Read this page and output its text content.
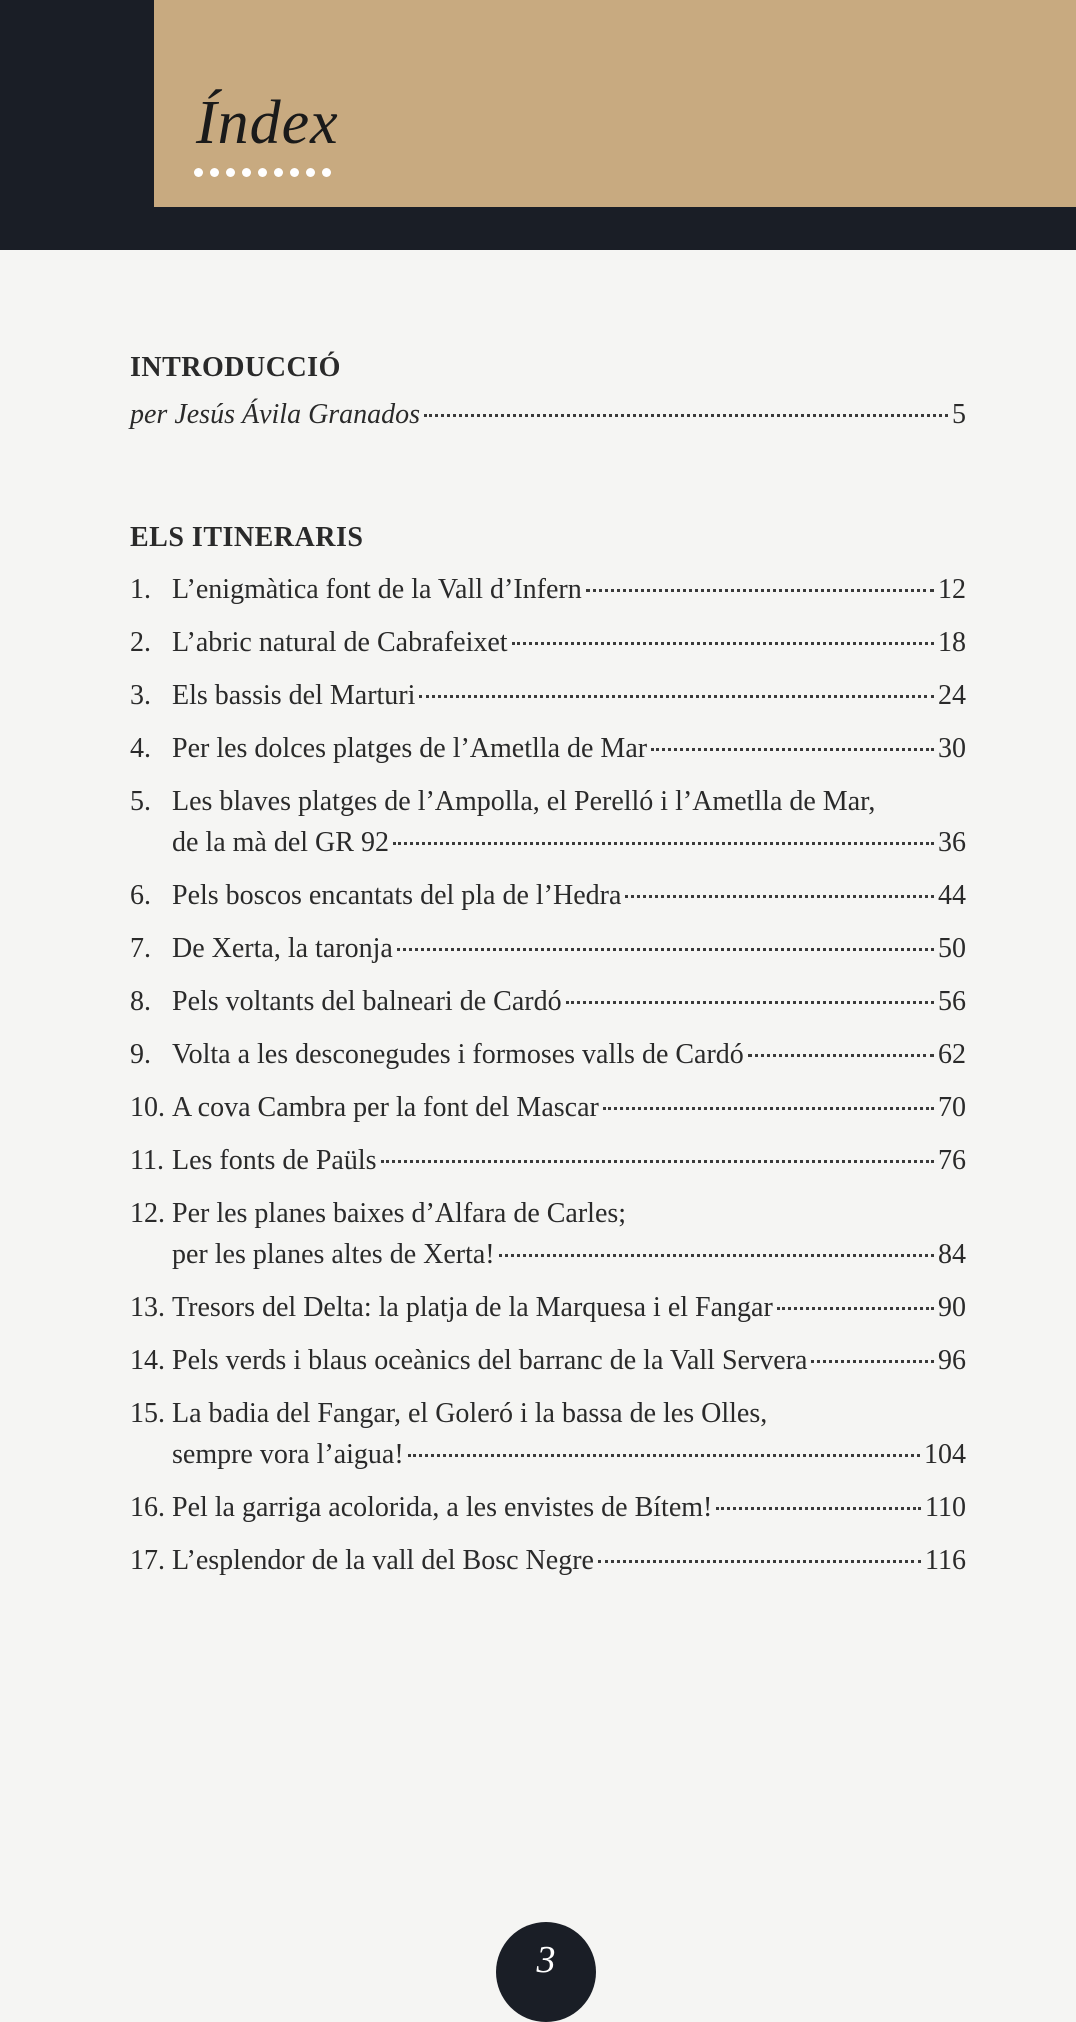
Índex
INTRODUCCIÓ
per Jesús Ávila Granados	5
ELS ITINERARIS
1. L’enigmàtica font de la Vall d’Infern	12
2. L’abric natural de Cabrafeixet	18
3. Els bassis del Marturi	24
4. Per les dolces platges de l’Ametlla de Mar	30
5. Les blaves platges de l’Ampolla, el Perelló i l’Ametlla de Mar,
de la mà del GR 92	36
6. Pels boscos encantats del pla de l’Hedra	44
7. De Xerta, la taronja	50
8. Pels voltants del balneari de Cardó	56
9. Volta a les desconegudes i formoses valls de Cardó	62
10. A cova Cambra per la font del Mascar	70
11. Les fonts de Paüls	76
12. Per les planes baixes d’Alfara de Carles;
per les planes altes de Xerta!	84
13. Tresors del Delta: la platja de la Marquesa i el Fangar	90
14. Pels verds i blaus oceànics del barranc de la Vall Servera	96
15. La badia del Fangar, el Goleró i la bassa de les Olles,
sempre vora l’aigua!	104
16. Pel la garriga acolorida, a les envistes de Bítem!	110
17. L’esplendor de la vall del Bosc Negre	116
3
